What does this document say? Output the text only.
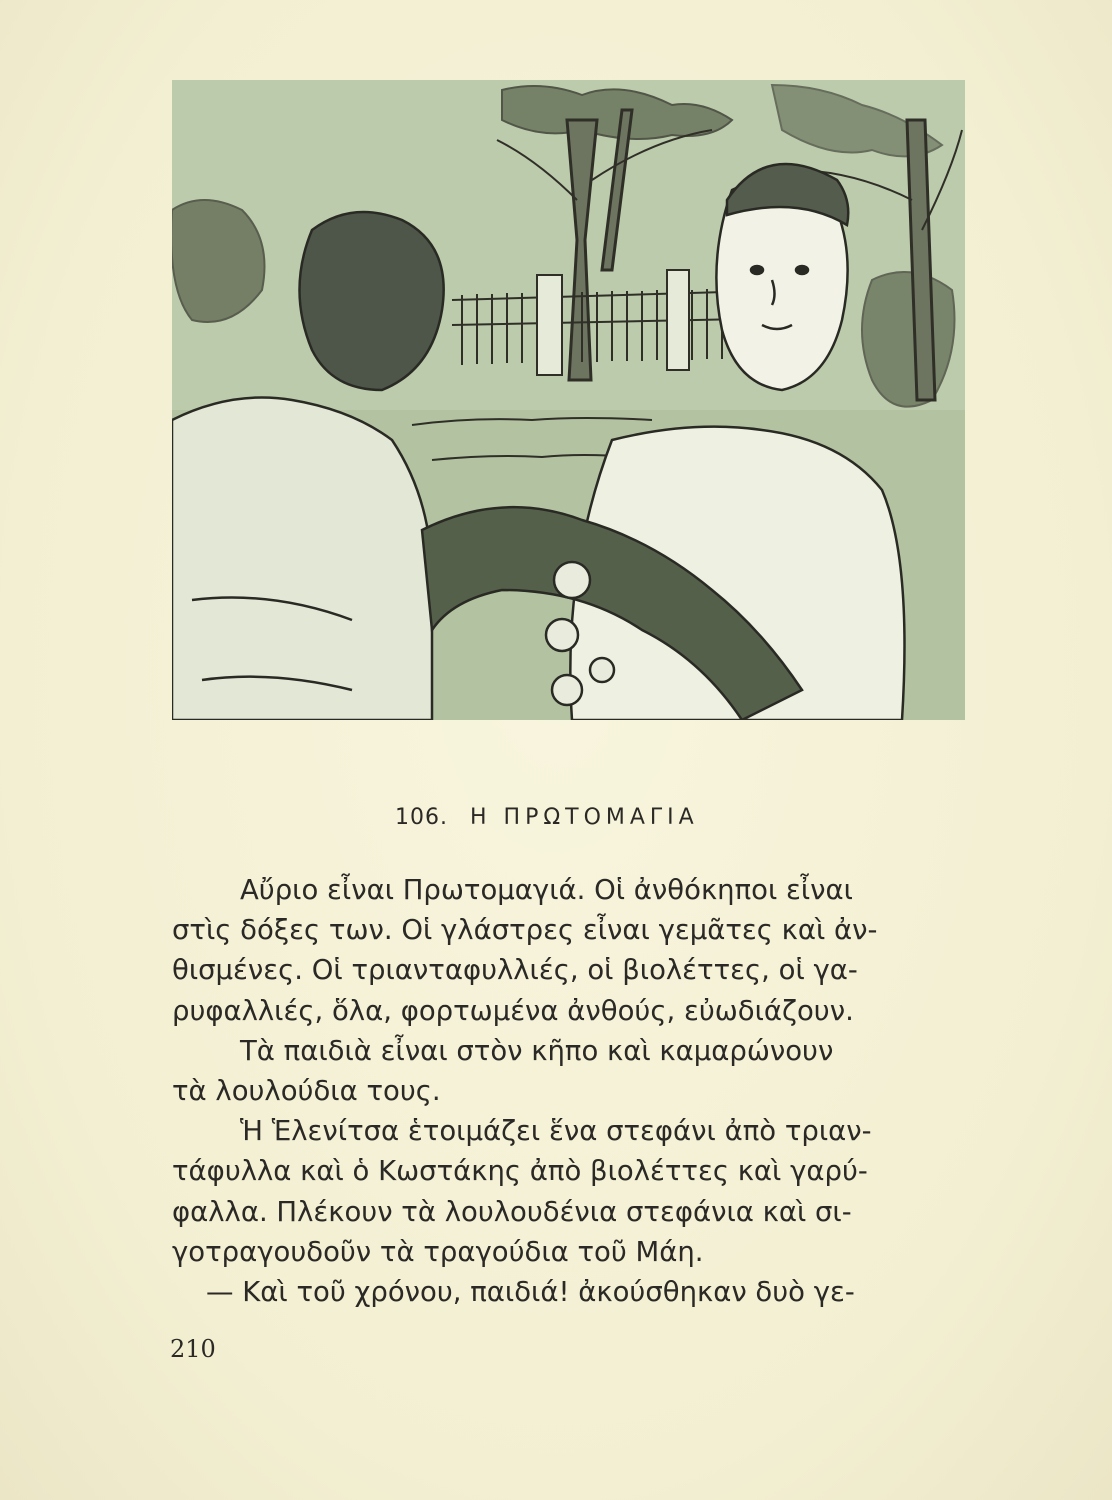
106. Η ΠΡΩΤΟΜΑΓΙΑ
Αὔριο εἶναι Πρωτομαγιά. Οἱ ἀνθόκηποι εἶναι
στὶς δόξες των. Οἱ γλάστρες εἶναι γεμᾶτες καὶ ἀν-
θισμένες. Οἱ τριανταφυλλιές, οἱ βιολέττες, οἱ γα-
ρυφαλλιές, ὅλα, φορτωμένα ἀνθούς, εὐωδιάζουν.
Τὰ παιδιὰ εἶναι στὸν κῆπο καὶ καμαρώνουν
τὰ λουλούδια τους.
Ἡ Ἑλενίτσα ἑτοιμάζει ἕνα στεφάνι ἀπὸ τριαν-
τάφυλλα καὶ ὁ Κωστάκης ἀπὸ βιολέττες καὶ γαρύ-
φαλλα. Πλέκουν τὰ λουλουδένια στεφάνια καὶ σι-
γοτραγουδοῦν τὰ τραγούδια τοῦ Μάη.
— Καὶ τοῦ χρόνου, παιδιά! ἀκούσθηκαν δυὸ γε-
210
